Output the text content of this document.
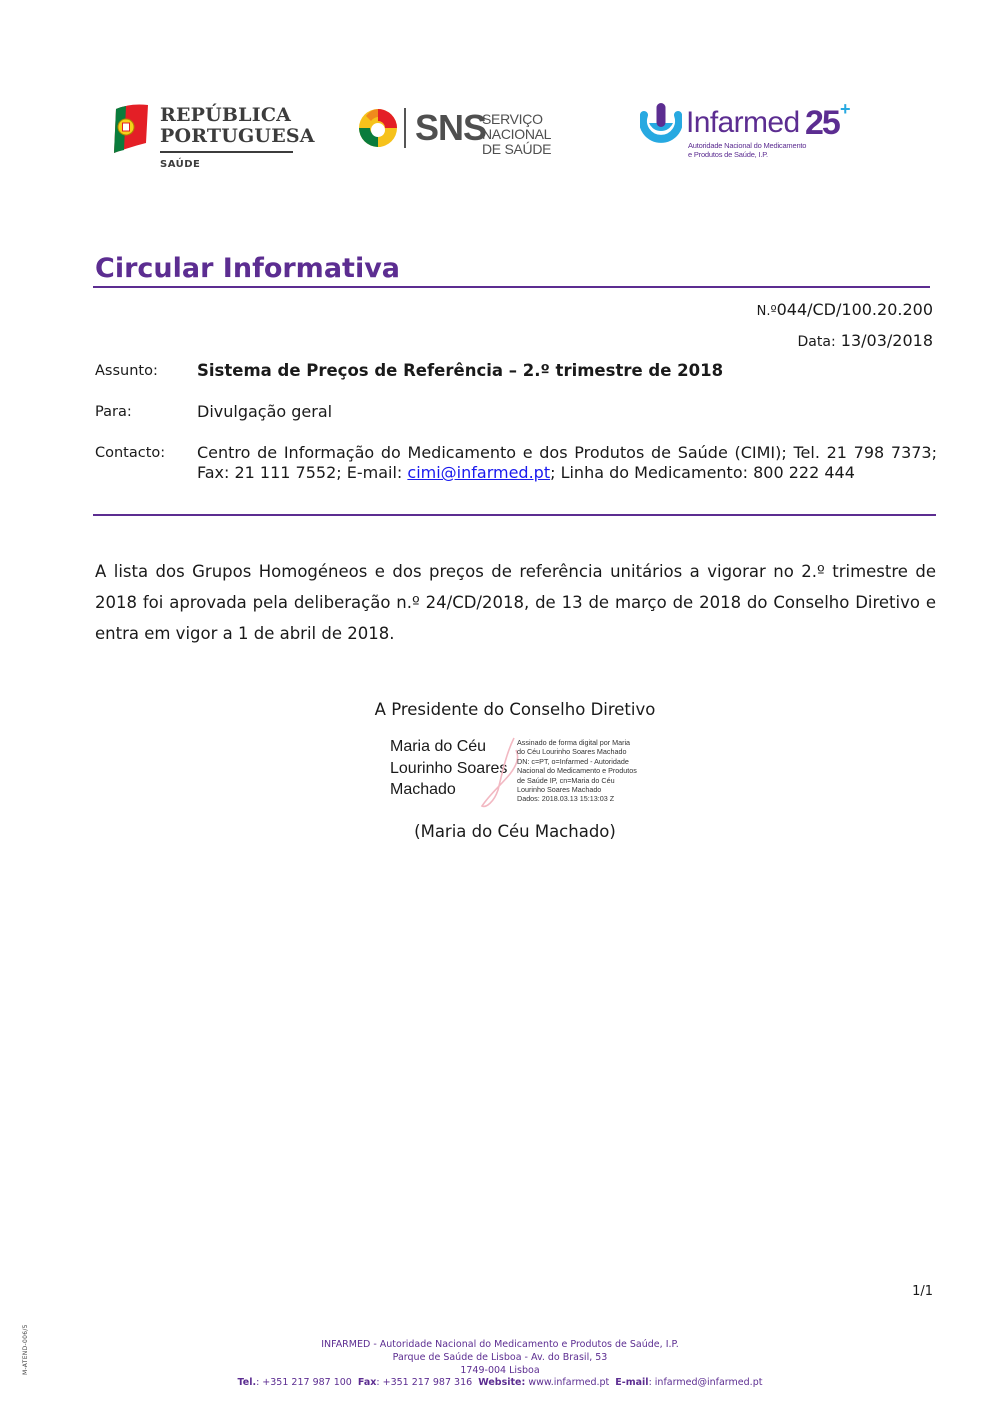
REPÚBLICA
PORTUGUESA
SAÚDE
SNS
SERVIÇO NACIONAL
DE SAÚDE
Infarmed 25 +
Autoridade Nacional do Medicamento
e Produtos de Saúde, I.P.
Circular Informativa
N.º044/CD/100.20.200
Data: 13/03/2018
Assunto: Sistema de Preços de Referência – 2.º trimestre de 2018
Para:	Divulgação geral
Contacto: Centro de Informação do Medicamento e dos Produtos de Saúde (CIMI); Tel. 21 798 7373; Fax: 21 111 7552; E-mail: cimi@infarmed.pt; Linha do Medicamento: 800 222 444
A lista dos Grupos Homogéneos e dos preços de referência unitários a vigorar no 2.º trimestre de 2018 foi aprovada pela deliberação n.º 24/CD/2018, de 13 de março de 2018 do Conselho Diretivo e entra em vigor a 1 de abril de 2018.
A Presidente do Conselho Diretivo
Maria do Céu
Lourinho Soares
Machado
Assinado de forma digital por Maria
do Céu Lourinho Soares Machado
DN: c=PT, o=Infarmed - Autoridade
Nacional do Medicamento e Produtos
de Saúde IP, cn=Maria do Céu
Lourinho Soares Machado
Dados: 2018.03.13 15:13:03 Z
(Maria do Céu Machado)
1/1
M-ATEND-006/5	INFARMED - Autoridade Nacional do Medicamento e Produtos de Saúde, I.P.
Parque de Saúde de Lisboa - Av. do Brasil, 53
1749-004 Lisboa
Tel.: +351 217 987 100 Fax: +351 217 987 316 Website: www.infarmed.pt E-mail: infarmed@infarmed.pt
